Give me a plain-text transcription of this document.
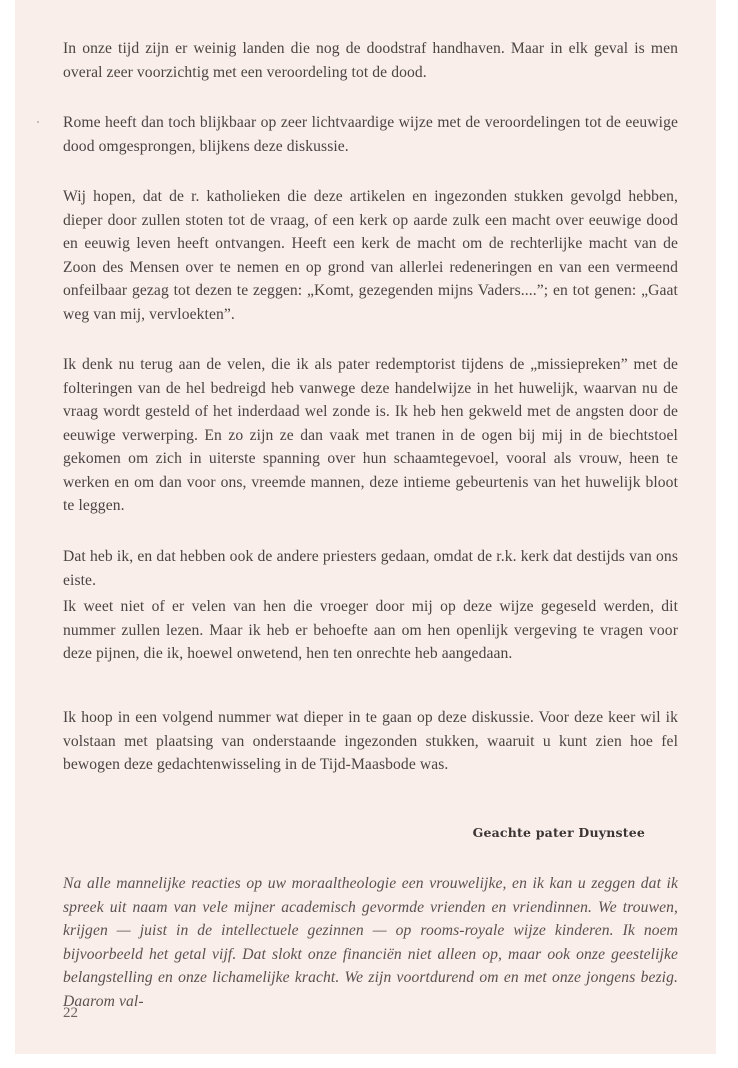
In onze tijd zijn er weinig landen die nog de doodstraf handhaven. Maar in elk geval is men overal zeer voorzichtig met een veroordeling tot de dood.

Rome heeft dan toch blijkbaar op zeer lichtvaardige wijze met de veroordelingen tot de eeuwige dood omgesprongen, blijkens deze diskussie.

Wij hopen, dat de r. katholieken die deze artikelen en ingezonden stukken gevolgd hebben, dieper door zullen stoten tot de vraag, of een kerk op aarde zulk een macht over eeuwige dood en eeuwig leven heeft ontvangen. Heeft een kerk de macht om de rechterlijke macht van de Zoon des Mensen over te nemen en op grond van allerlei redeneringen en van een vermeend onfeilbaar gezag tot dezen te zeggen: „Komt, gezegenden mijns Vaders....”; en tot genen: „Gaat weg van mij, vervloekten”.

Ik denk nu terug aan de velen, die ik als pater redemptorist tijdens de „missiepreken” met de folteringen van de hel bedreigd heb vanwege deze handelwijze in het huwelijk, waarvan nu de vraag wordt gesteld of het inderdaad wel zonde is. Ik heb hen gekweld met de angsten door de eeuwige verwerping. En zo zijn ze dan vaak met tranen in de ogen bij mij in de biechtstoel gekomen om zich in uiterste spanning over hun schaamtegevoel, vooral als vrouw, heen te werken en om dan voor ons, vreemde mannen, deze intieme gebeurtenis van het huwelijk bloot te leggen.

Dat heb ik, en dat hebben ook de andere priesters gedaan, omdat de r.k. kerk dat destijds van ons eiste.

Ik weet niet of er velen van hen die vroeger door mij op deze wijze gegeseld werden, dit nummer zullen lezen. Maar ik heb er behoefte aan om hen openlijk vergeving te vragen voor deze pijnen, die ik, hoewel onwetend, hen ten onrechte heb aangedaan.

Ik hoop in een volgend nummer wat dieper in te gaan op deze diskussie. Voor deze keer wil ik volstaan met plaatsing van onderstaande ingezonden stukken, waaruit u kunt zien hoe fel bewogen deze gedachtenwisseling in de Tijd-Maasbode was.

Geachte pater Duynstee

Na alle mannelijke reacties op uw moraaltheologie een vrouwelijke, en ik kan u zeggen dat ik spreek uit naam van vele mijner academisch gevormde vrienden en vriendinnen. We trouwen, krijgen — juist in de intellectuele gezinnen — op rooms-royale wijze kinderen. Ik noem bijvoorbeeld het getal vijf. Dat slokt onze financiën niet alleen op, maar ook onze geestelijke belangstelling en onze lichamelijke kracht. We zijn voortdurend om en met onze jongens bezig. Daarom val-

22
